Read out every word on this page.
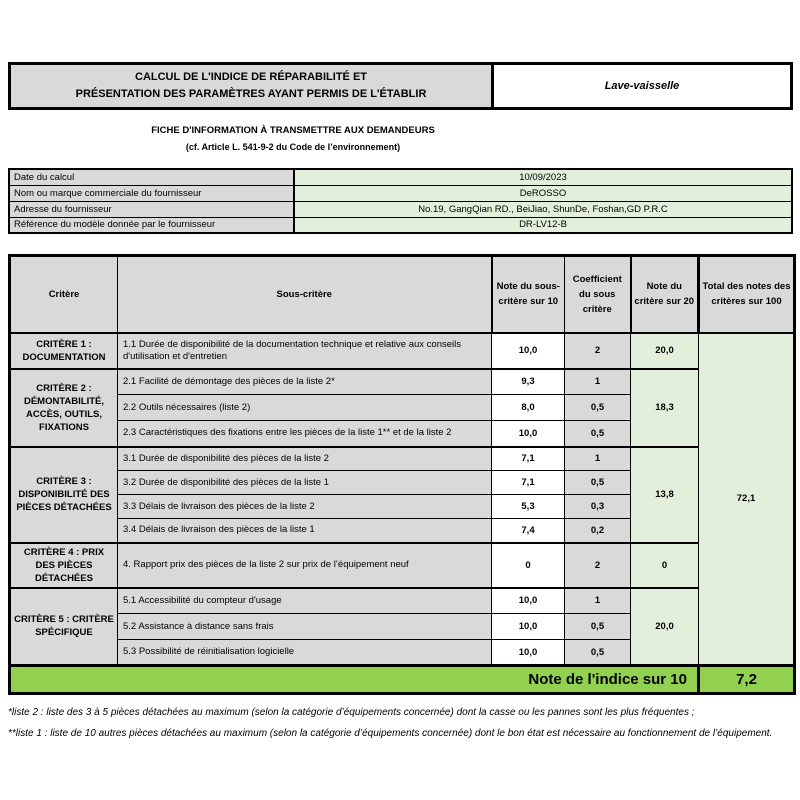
CALCUL DE L'INDICE DE RÉPARABILITÉ ET
PRÉSENTATION DES PARAMÈTRES AYANT PERMIS DE L'ÉTABLIR
Lave-vaisselle
FICHE D'INFORMATION À TRANSMETTRE AUX DEMANDEURS
(cf. Article L. 541-9-2 du Code de l’environnement)
Date du calcul	10/09/2023
Nom ou marque commerciale du fournisseur	DeROSSO
Adresse du fournisseur	No.19, GangQian RD., BeiJiao, ShunDe, Foshan,GD P.R.C
Référence du modèle donnée par le fournisseur	DR-LV12-B
Critère	Sous-critère	Note du sous-critère sur 10	Coefficient du sous critère	Note du critère sur 20	Total des notes des critères sur 100
CRITÈRE 1 : DOCUMENTATION	1.1 Durée de disponibilité de la documentation technique et relative aux conseils d'utilisation et d'entretien	10,0	2	20,0	72,1
CRITÈRE 2 : DÉMONTABILITÉ, ACCÈS, OUTILS, FIXATIONS	2.1 Facilité de démontage des pièces de la liste 2*	9,3	1	18,3	
	2.2 Outils nécessaires (liste 2)	8,0	0,5		
	2.3 Caractéristiques des fixations entre les pièces de la liste 1** et de la liste 2	10,0	0,5		
CRITÈRE 3 : DISPONIBILITÉ DES PIÈCES DÉTACHÉES	3.1 Durée de disponibilité des pièces de la liste 2	7,1	1	13,8	
	3.2 Durée de disponibilité des pièces de la liste 1	7,1	0,5		
	3.3 Délais de livraison des pièces de la liste 2	5,3	0,3		
	3.4 Délais de livraison des pièces de la liste 1	7,4	0,2		
CRITÈRE 4 : PRIX DES PIÈCES DÉTACHÉES	4. Rapport prix des pièces de la liste 2 sur prix de l’équipement neuf	0	2	0	
CRITÈRE 5 : CRITÈRE SPÉCIFIQUE	5.1 Accessibilité du compteur d'usage	10,0	1	20,0	
	5.2 Assistance à distance sans frais	10,0	0,5		
	5.3 Possibilité de réinitialisation logicielle	10,0	0,5		
Note de l'indice sur 10					7,2

*liste 2 : liste des 3 à 5 pièces détachées au maximum (selon la catégorie d’équipements concernée) dont la casse ou les pannes sont les plus fréquentes ;

**liste 1 : liste de 10 autres pièces détachées au maximum (selon la catégorie d’équipements concernée) dont le bon état est nécessaire au fonctionnement de l’équipement.
